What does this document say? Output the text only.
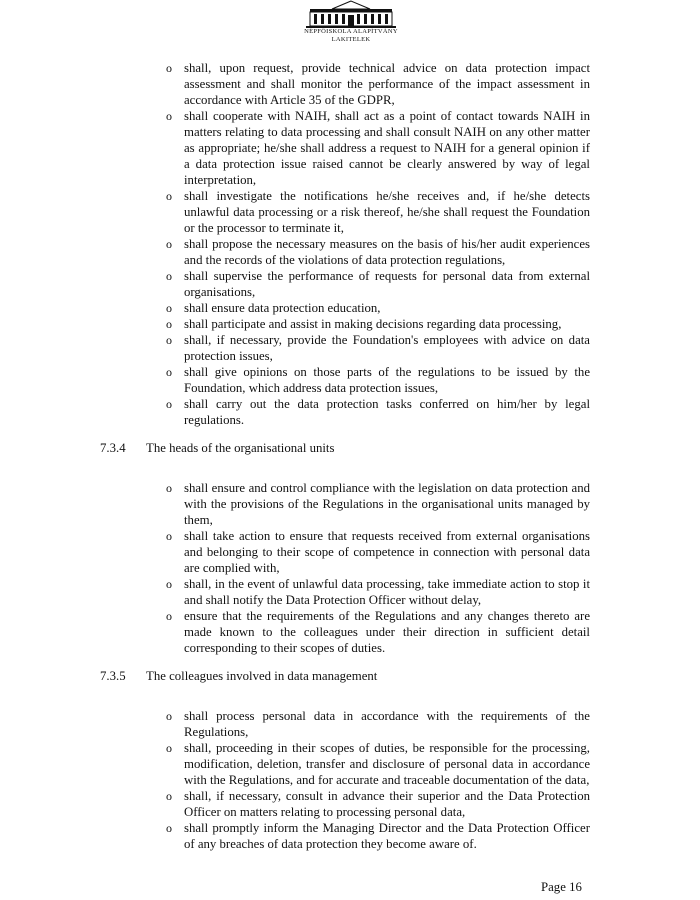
NÉPFŐISKOLA ALAPÍTVÁNY
LAKITELEK
o shall, upon request, provide technical advice on data protection impact assessment and shall monitor the performance of the impact assessment in accordance with Article 35 of the GDPR,
o shall cooperate with NAIH, shall act as a point of contact towards NAIH in matters relating to data processing and shall consult NAIH on any other matter as appropriate; he/she shall address a request to NAIH for a general opinion if a data protection issue raised cannot be clearly answered by way of legal interpretation,
o shall investigate the notifications he/she receives and, if he/she detects unlawful data processing or a risk thereof, he/she shall request the Foundation or the processor to terminate it,
o shall propose the necessary measures on the basis of his/her audit experiences and the records of the violations of data protection regulations,
o shall supervise the performance of requests for personal data from external organisations,
o shall ensure data protection education,
o shall participate and assist in making decisions regarding data processing,
o shall, if necessary, provide the Foundation's employees with advice on data protection issues,
o shall give opinions on those parts of the regulations to be issued by the Foundation, which address data protection issues,
o shall carry out the data protection tasks conferred on him/her by legal regulations.
7.3.4 The heads of the organisational units
o shall ensure and control compliance with the legislation on data protection and with the provisions of the Regulations in the organisational units managed by them,
o shall take action to ensure that requests received from external organisations and belonging to their scope of competence in connection with personal data are complied with,
o shall, in the event of unlawful data processing, take immediate action to stop it and shall notify the Data Protection Officer without delay,
o ensure that the requirements of the Regulations and any changes thereto are made known to the colleagues under their direction in sufficient detail corresponding to their scopes of duties.
7.3.5 The colleagues involved in data management
o shall process personal data in accordance with the requirements of the Regulations,
o shall, proceeding in their scopes of duties, be responsible for the processing, modification, deletion, transfer and disclosure of personal data in accordance with the Regulations, and for accurate and traceable documentation of the data,
o shall, if necessary, consult in advance their superior and the Data Protection Officer on matters relating to processing personal data,
o shall promptly inform the Managing Director and the Data Protection Officer of any breaches of data protection they become aware of.
Page 16
